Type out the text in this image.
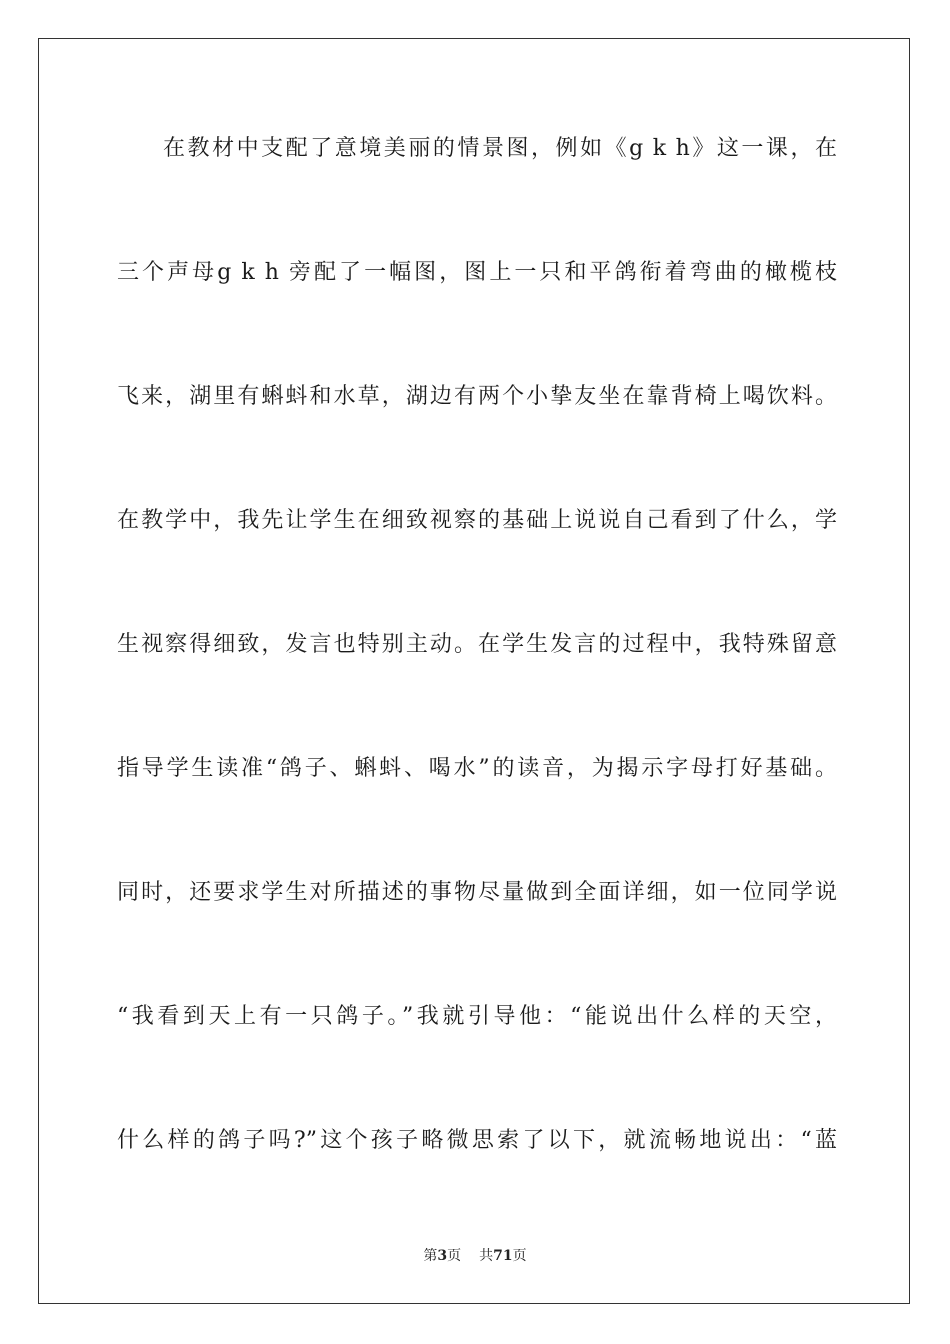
在教材中支配了意境美丽的情景图，例如《g k h》这一课，在
三个声母g k h 旁配了一幅图，图上一只和平鸽衔着弯曲的橄榄枝
飞来，湖里有蝌蚪和水草，湖边有两个小挚友坐在靠背椅上喝饮料。
在教学中，我先让学生在细致视察的基础上说说自己看到了什么，学
生视察得细致，发言也特别主动。在学生发言的过程中，我特殊留意
指导学生读准“鸽子、蝌蚪、喝水”的读音，为揭示字母打好基础。
同时，还要求学生对所描述的事物尽量做到全面详细，如一位同学说
“我看到天上有一只鸽子。”我就引导他：“能说出什么样的天空，
什么样的鸽子吗?”这个孩子略微思索了以下，就流畅地说出：“蓝
第3页 共71页
